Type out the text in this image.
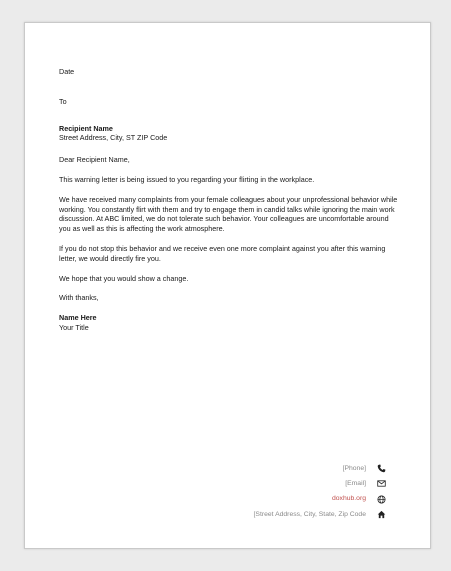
Date
To
Recipient Name
Street Address, City, ST ZIP Code
Dear Recipient Name,
This warning letter is being issued to you regarding your flirting in the workplace.
We have received many complaints from your female colleagues about your unprofessional behavior while working. You constantly flirt with them and try to engage them in candid talks while ignoring the main work discussion. At ABC limited, we do not tolerate such behavior. Your colleagues are uncomfortable around you as well as this is affecting the work atmosphere.
If you do not stop this behavior and we receive even one more complaint against you after this warning letter, we would directly fire you.
We hope that you would show a change.
With thanks,
Name Here
Your Title
[Phone]
[Email]
doxhub.org
[Street Address, City, State, Zip Code
